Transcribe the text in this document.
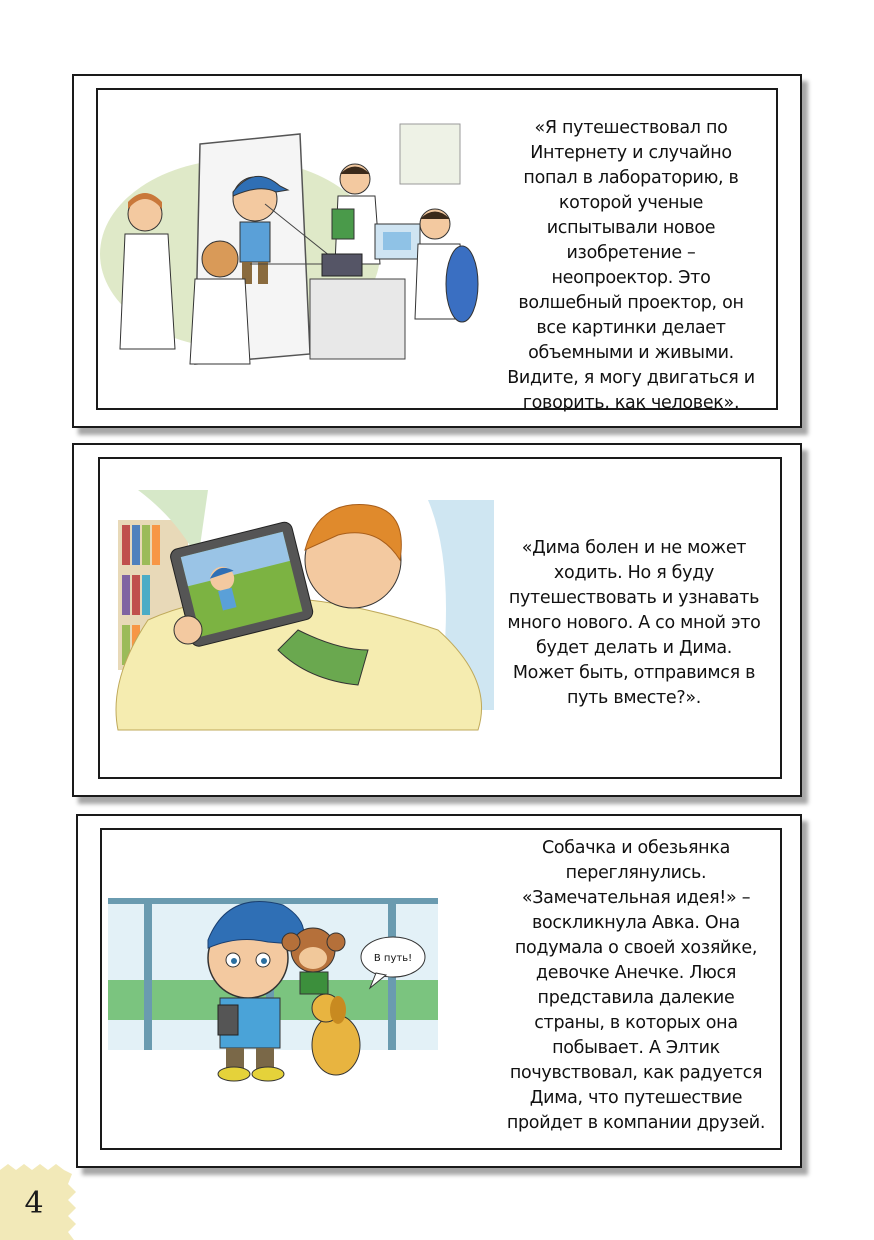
«Я путешествовал по Интернету и случайно попал в лабораторию, в которой ученые испытывали новое изобретение – неопроектор. Это волшебный проектор, он все картинки делает объемными и живыми. Видите, я могу двигаться и говорить, как человек».
«Дима болен и не может ходить. Но я буду путешествовать и узнавать много нового. А со мной это будет делать и Дима. Может быть, отправимся в путь вместе?».
В путь!
Собачка и обезьянка переглянулись. «Замечательная идея!» – воскликнула Авка. Она подумала о своей хозяйке, девочке Анечке. Люся представила далекие страны, в которых она побывает. А Элтик почувствовал, как радуется Дима, что путешествие пройдет в компании друзей.
4
